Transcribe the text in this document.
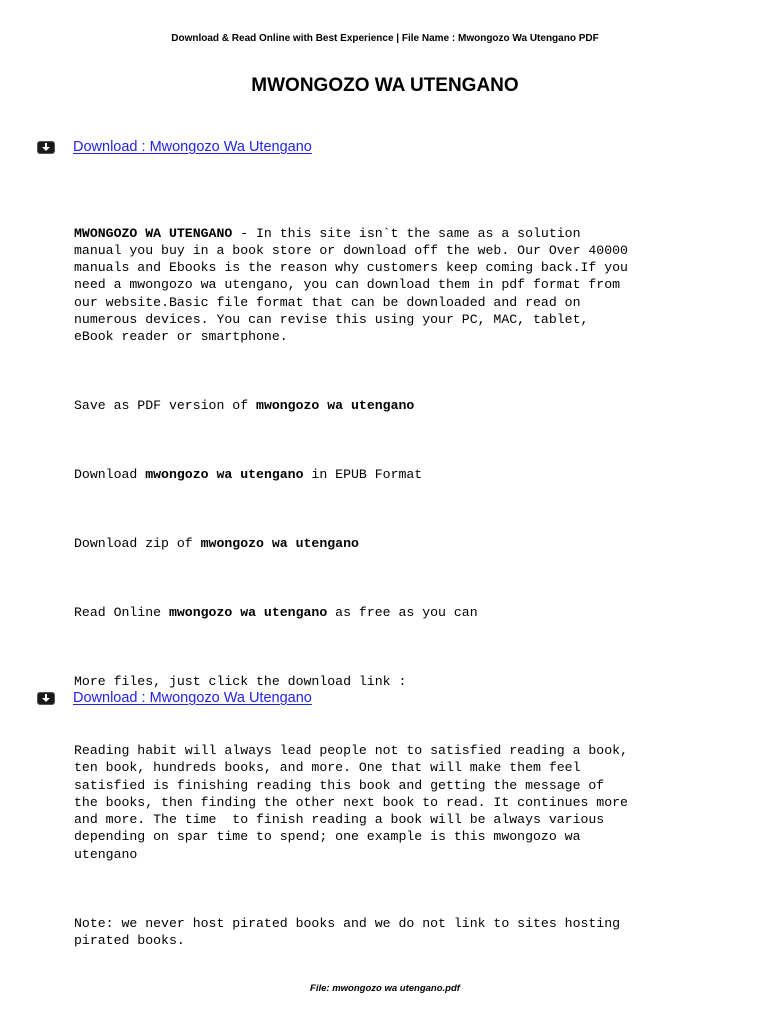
Download & Read Online with Best Experience | File Name : Mwongozo Wa Utengano PDF
MWONGOZO WA UTENGANO
Download : Mwongozo Wa Utengano

MWONGOZO WA UTENGANO - In this site isn`t the same as a solution
manual you buy in a book store or download off the web. Our Over 40000
manuals and Ebooks is the reason why customers keep coming back.If you
need a mwongozo wa utengano, you can download them in pdf format from
our website.Basic file format that can be downloaded and read on
numerous devices. You can revise this using your PC, MAC, tablet,
eBook reader or smartphone.

Save as PDF version of mwongozo wa utengano

Download mwongozo wa utengano in EPUB Format

Download zip of mwongozo wa utengano

Read Online mwongozo wa utengano as free as you can

More files, just click the download link :

Reading habit will always lead people not to satisfied reading a book,
ten book, hundreds books, and more. One that will make them feel
satisfied is finishing reading this book and getting the message of
the books, then finding the other next book to read. It continues more
and more. The time  to finish reading a book will be always various
depending on spar time to spend; one example is this mwongozo wa
utengano

Note: we never host pirated books and we do not link to sites hosting
pirated books.

Download : Mwongozo Wa Utengano
File: mwongozo wa utengano.pdf
